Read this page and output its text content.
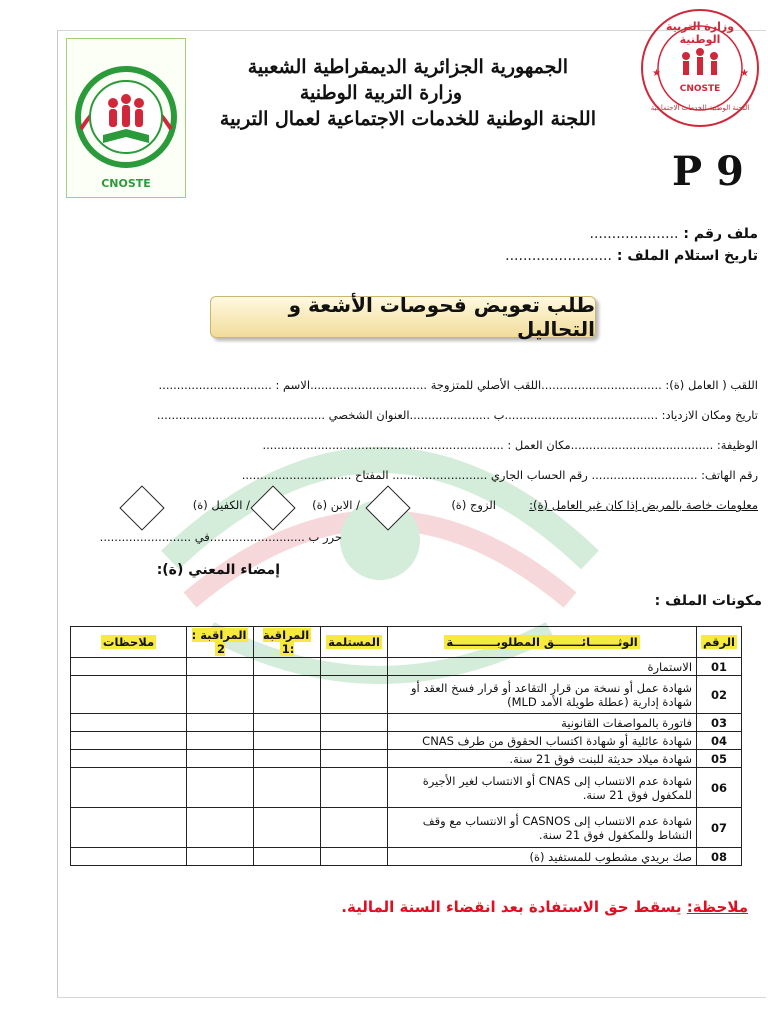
CNOSTE
★	★
وزارة التربية الوطنية
CNOSTE
اللجنة الوطنية للخدمات الاجتماعية
الجمهورية الجزائرية الديمقراطية الشعبية
وزارة التربية الوطنية
اللجنة الوطنية للخدمات الاجتماعية لعمال التربية
P 9
ملف رقم : ....................
تاريخ استلام الملف : ........................
طلب تعويض فحوصات الأشعة و التحاليل
اللقب ( العامل (ة): .................................اللقب الأصلي للمتزوجة ................................الاسم : ...............................
تاريخ ومكان الازدياد: ..........................................ب ......................العنوان الشخصي ..............................................
الوظيفة: .......................................مكان العمل : ..................................................................
رقم الهاتف: ............................. رقم الحساب الجاري .......................... المفتاح ..............................
معلومات خاصة بالمريض إذا كان غير العامل (ة):
الزوج (ة)
/ الابن (ة)
/ الكفيل (ة)
حرر ب ..........................في .........................
إمضاء المعني (ة):
مكونات الملف :
الرقم	الوثـــــــائـــــــق المطلوبـــــــــــة	المستلمة	المراقبة :1	المراقبة : 2	ملاحظات
01	الاستمارة				
02	شهادة عمل أو نسخة من قرار التقاعد أو قرار فسخ العقد أو شهادة إدارية (عطلة طويلة الأمد MLD)				
03	فاتورة بالمواصفات القانونية				
04	شهادة عائلية أو شهادة اكتساب الحقوق من طرف CNAS				
05	شهادة ميلاد حديثة للبنت فوق 21 سنة.				
06	شهادة عدم الانتساب إلى CNAS أو الانتساب لغير الأجيرة للمكفول فوق 21 سنة.				
07	شهادة عدم الانتساب إلى CASNOS أو الانتساب مع وقف النشاط وللمكفول فوق 21 سنة.				
08	صك بريدي مشطوب للمستفيد (ة)				
ملاحظة: يسقط حق الاستفادة بعد انقضاء السنة المالية.
